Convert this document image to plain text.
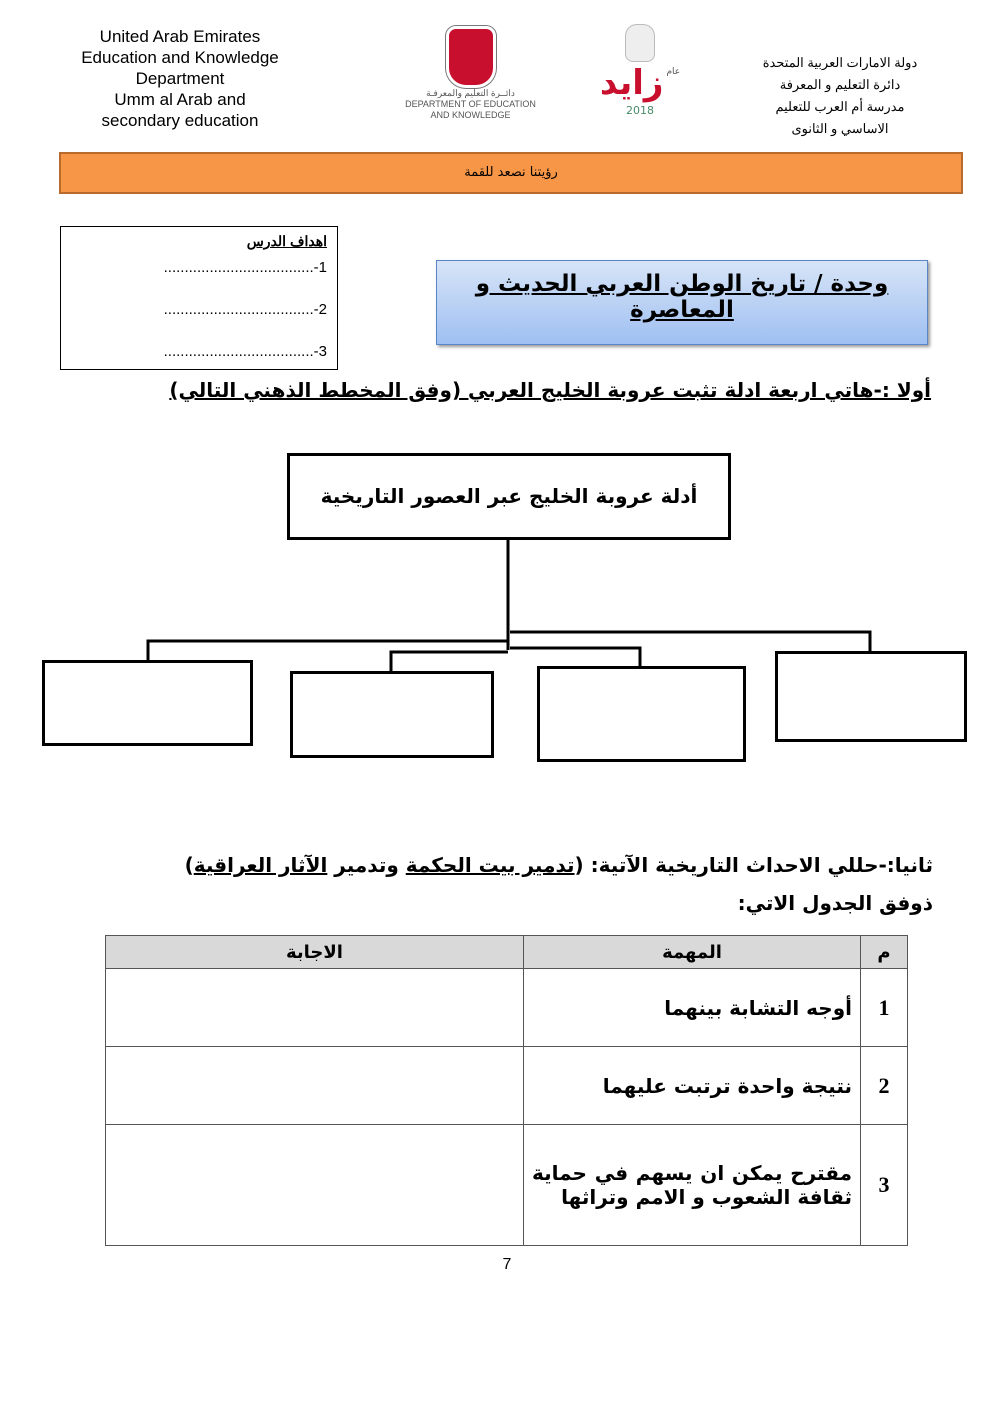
United Arab Emirates
Education and Knowledge
Department
Umm al Arab and
secondary education
دائــرة التعليم والمعرفـة
DEPARTMENT OF EDUCATION
AND KNOWLEDGE
زايد عام
2018
دولة الامارات العربية المتحدة
دائرة التعليم و المعرفة
مدرسة أم العرب للتعليم
الاساسي و الثانوى
رؤيتنا نصعد للقمة
اهداف الدرس
1-....................................
2-....................................
3-....................................
وحدة / تاريخ الوطن العربي الحديث و المعاصرة
أولا :-هاتي اربعة ادلة تثبت عروبة الخليج العربي (وفق المخطط الذهني التالي)
أدلة عروبة الخليج عبر العصور التاريخية
ثانيا:-حللي الاحداث التاريخية الآتية: (تدمير بيت الحكمة وتدمير الآثار العراقية)
ذوفق الجدول الاتي:
م	المهمة	الاجابة
1	أوجه التشابة بينهما	
2	نتيجة واحدة ترتبت عليهما	
3	مقترح يمكن ان يسهم في حماية ثقافة الشعوب و الامم وتراثها	
7
